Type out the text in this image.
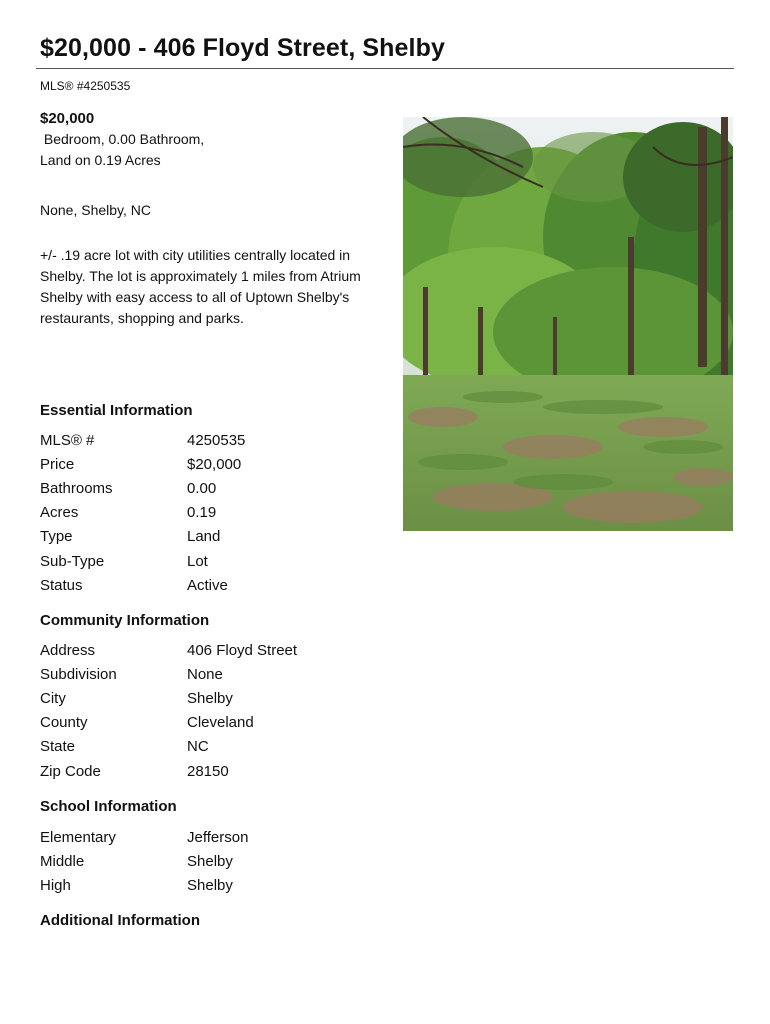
$20,000 - 406 Floyd Street, Shelby
MLS® #4250535
$20,000
Bedroom, 0.00 Bathroom,
Land on 0.19 Acres
None, Shelby, NC
+/- .19 acre lot with city utilities centrally located in Shelby. The lot is approximately 1 miles from Atrium Shelby with easy access to all of Uptown Shelby's restaurants, shopping and parks.
Essential Information
MLS® #	4250535
Price	$20,000
Bathrooms	0.00
Acres	0.19
Type	Land
Sub-Type	Lot
Status	Active
Community Information
Address	406 Floyd Street
Subdivision	None
City	Shelby
County	Cleveland
State	NC
Zip Code	28150
School Information
Elementary	Jefferson
Middle	Shelby
High	Shelby
Additional Information
